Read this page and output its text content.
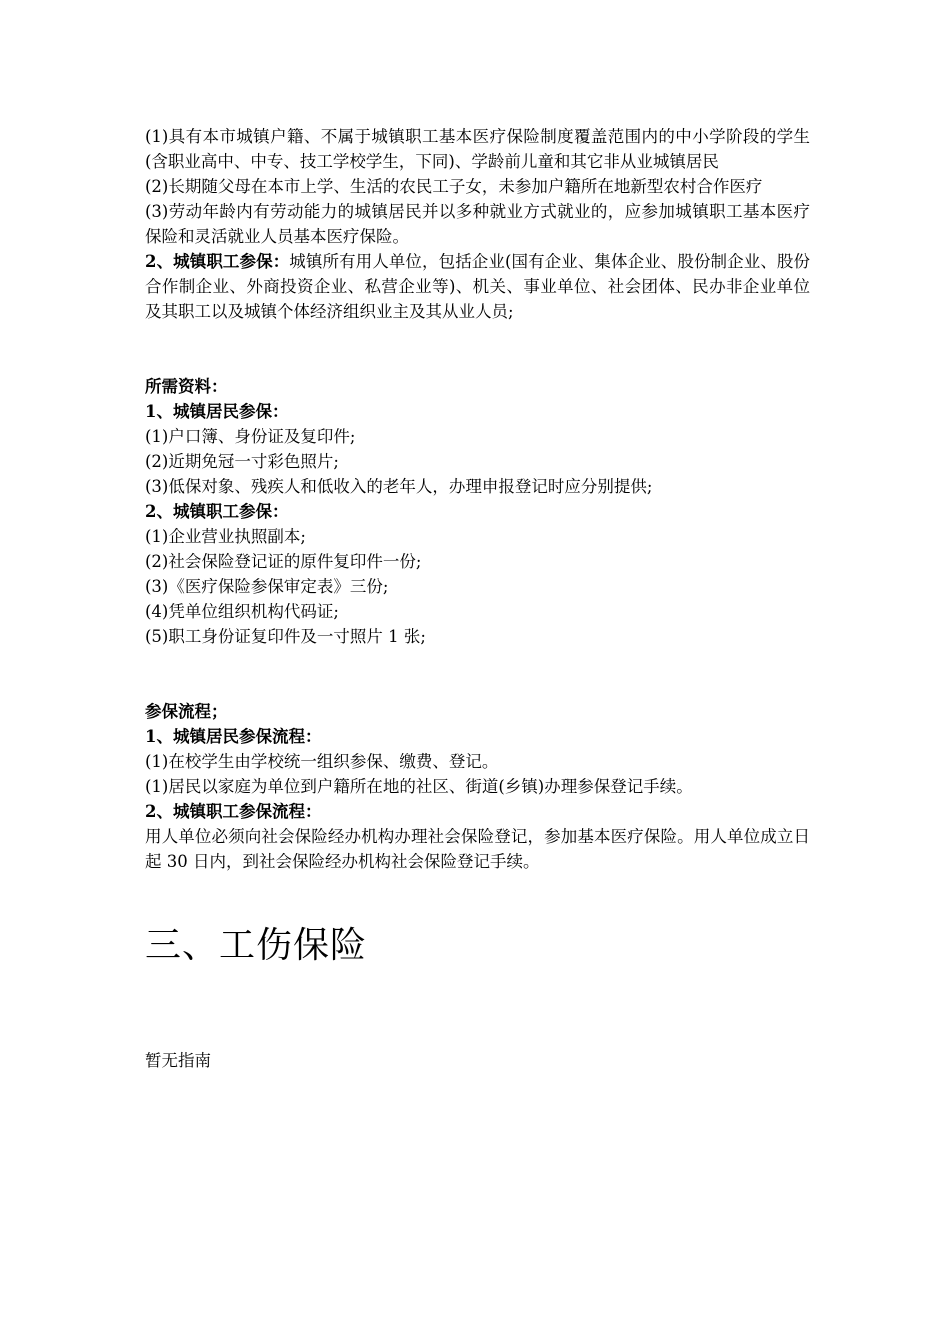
(1)具有本市城镇户籍、不属于城镇职工基本医疗保险制度覆盖范围内的中小学阶段的学生(含职业高中、中专、技工学校学生，下同)、学龄前儿童和其它非从业城镇居民

(2)长期随父母在本市上学、生活的农民工子女，未参加户籍所在地新型农村合作医疗

(3)劳动年龄内有劳动能力的城镇居民并以多种就业方式就业的，应参加城镇职工基本医疗保险和灵活就业人员基本医疗保险。

2、城镇职工参保：城镇所有用人单位，包括企业(国有企业、集体企业、股份制企业、股份合作制企业、外商投资企业、私营企业等)、机关、事业单位、社会团体、民办非企业单位及其职工以及城镇个体经济组织业主及其从业人员;

所需资料：

1、城镇居民参保：

(1)户口簿、身份证及复印件;

(2)近期免冠一寸彩色照片;

(3)低保对象、残疾人和低收入的老年人，办理申报登记时应分别提供;

2、城镇职工参保：

(1)企业营业执照副本;

(2)社会保险登记证的原件复印件一份;

(3)《医疗保险参保审定表》三份;

(4)凭单位组织机构代码证;

(5)职工身份证复印件及一寸照片 1 张;

参保流程；

1、城镇居民参保流程：

(1)在校学生由学校统一组织参保、缴费、登记。

(1)居民以家庭为单位到户籍所在地的社区、街道(乡镇)办理参保登记手续。

2、城镇职工参保流程：

用人单位必须向社会保险经办机构办理社会保险登记，参加基本医疗保险。用人单位成立日起 30 日内，到社会保险经办机构社会保险登记手续。

三、工伤保险

暂无指南
